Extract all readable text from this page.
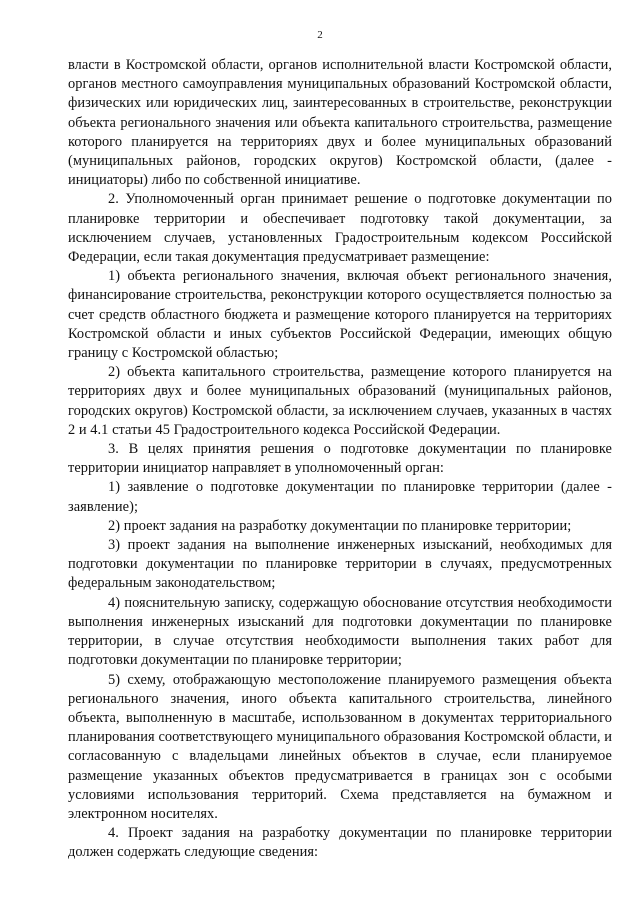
2

власти в Костромской области, органов исполнительной власти Костромской области, органов местного самоуправления муниципальных образований Костромской области, физических или юридических лиц, заинтересованных в строительстве, реконструкции объекта регионального значения или объекта капитального строительства, размещение которого планируется на территориях двух и более муниципальных образований (муниципальных районов, городских округов) Костромской области, (далее - инициаторы) либо по собственной инициативе.

2. Уполномоченный орган принимает решение о подготовке документации по планировке территории и обеспечивает подготовку такой документации, за исключением случаев, установленных Градостроительным кодексом Российской Федерации, если такая документация предусматривает размещение:

1) объекта регионального значения, включая объект регионального значения, финансирование строительства, реконструкции которого осуществляется полностью за счет средств областного бюджета и размещение которого планируется на территориях Костромской области и иных субъектов Российской Федерации, имеющих общую границу с Костромской областью;

2) объекта капитального строительства, размещение которого планируется на территориях двух и более муниципальных образований (муниципальных районов, городских округов) Костромской области, за исключением случаев, указанных в частях 2 и 4.1 статьи 45 Градостроительного кодекса Российской Федерации.

3. В целях принятия решения о подготовке документации по планировке территории инициатор направляет в уполномоченный орган:

1) заявление о подготовке документации по планировке территории (далее - заявление);

2) проект задания на разработку документации по планировке территории;

3) проект задания на выполнение инженерных изысканий, необходимых для подготовки документации по планировке территории в случаях, предусмотренных федеральным законодательством;

4) пояснительную записку, содержащую обоснование отсутствия необходимости выполнения инженерных изысканий для подготовки документации по планировке территории, в случае отсутствия необходимости выполнения таких работ для подготовки документации по планировке территории;

5) схему, отображающую местоположение планируемого размещения объекта регионального значения, иного объекта капитального строительства, линейного объекта, выполненную в масштабе, использованном в документах территориального планирования соответствующего муниципального образования Костромской области, и согласованную с владельцами линейных объектов в случае, если планируемое размещение указанных объектов предусматривается в границах зон с особыми условиями использования территорий. Схема представляется на бумажном и электронном носителях.

4. Проект задания на разработку документации по планировке территории должен содержать следующие сведения:
